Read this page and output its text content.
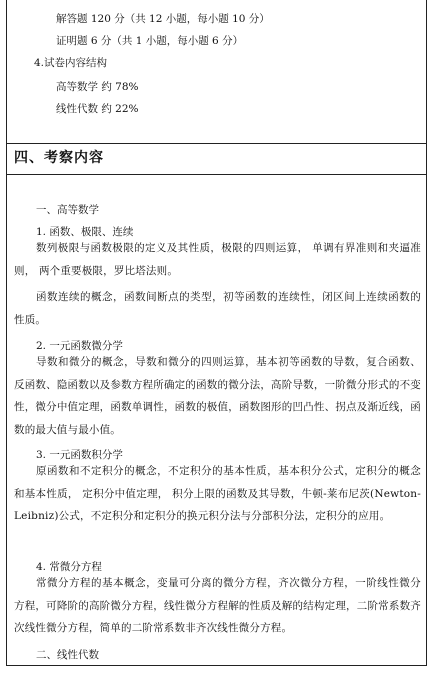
解答题 120 分（共 12 小题，每小题 10 分）
证明题 6 分（共 1 小题，每小题 6 分）
4.试卷内容结构
高等数学 约 78%
线性代数 约 22%
四、考察内容
一、高等数学
1. 函数、极限、连续
数列极限与函数极限的定义及其性质，极限的四则运算， 单调有界准则和夹逼准则， 两个重要极限，罗比塔法则。
函数连续的概念，函数间断点的类型，初等函数的连续性，闭区间上连续函数的性质。
2. 一元函数微分学
导数和微分的概念，导数和微分的四则运算，基本初等函数的导数，复合函数、反函数、隐函数以及参数方程所确定的函数的微分法，高阶导数，一阶微分形式的不变性，微分中值定理，函数单调性，函数的极值，函数图形的凹凸性、拐点及渐近线，函数的最大值与最小值。
3. 一元函数积分学
原函数和不定积分的概念，不定积分的基本性质，基本积分公式，定积分的概念和基本性质， 定积分中值定理， 积分上限的函数及其导数，牛顿-莱布尼茨(Newton-Leibniz)公式，不定积分和定积分的换元积分法与分部积分法，定积分的应用。
4. 常微分方程
常微分方程的基本概念，变量可分离的微分方程，齐次微分方程，一阶线性微分方程，可降阶的高阶微分方程，线性微分方程解的性质及解的结构定理，二阶常系数齐次线性微分方程，简单的二阶常系数非齐次线性微分方程。
二、线性代数
